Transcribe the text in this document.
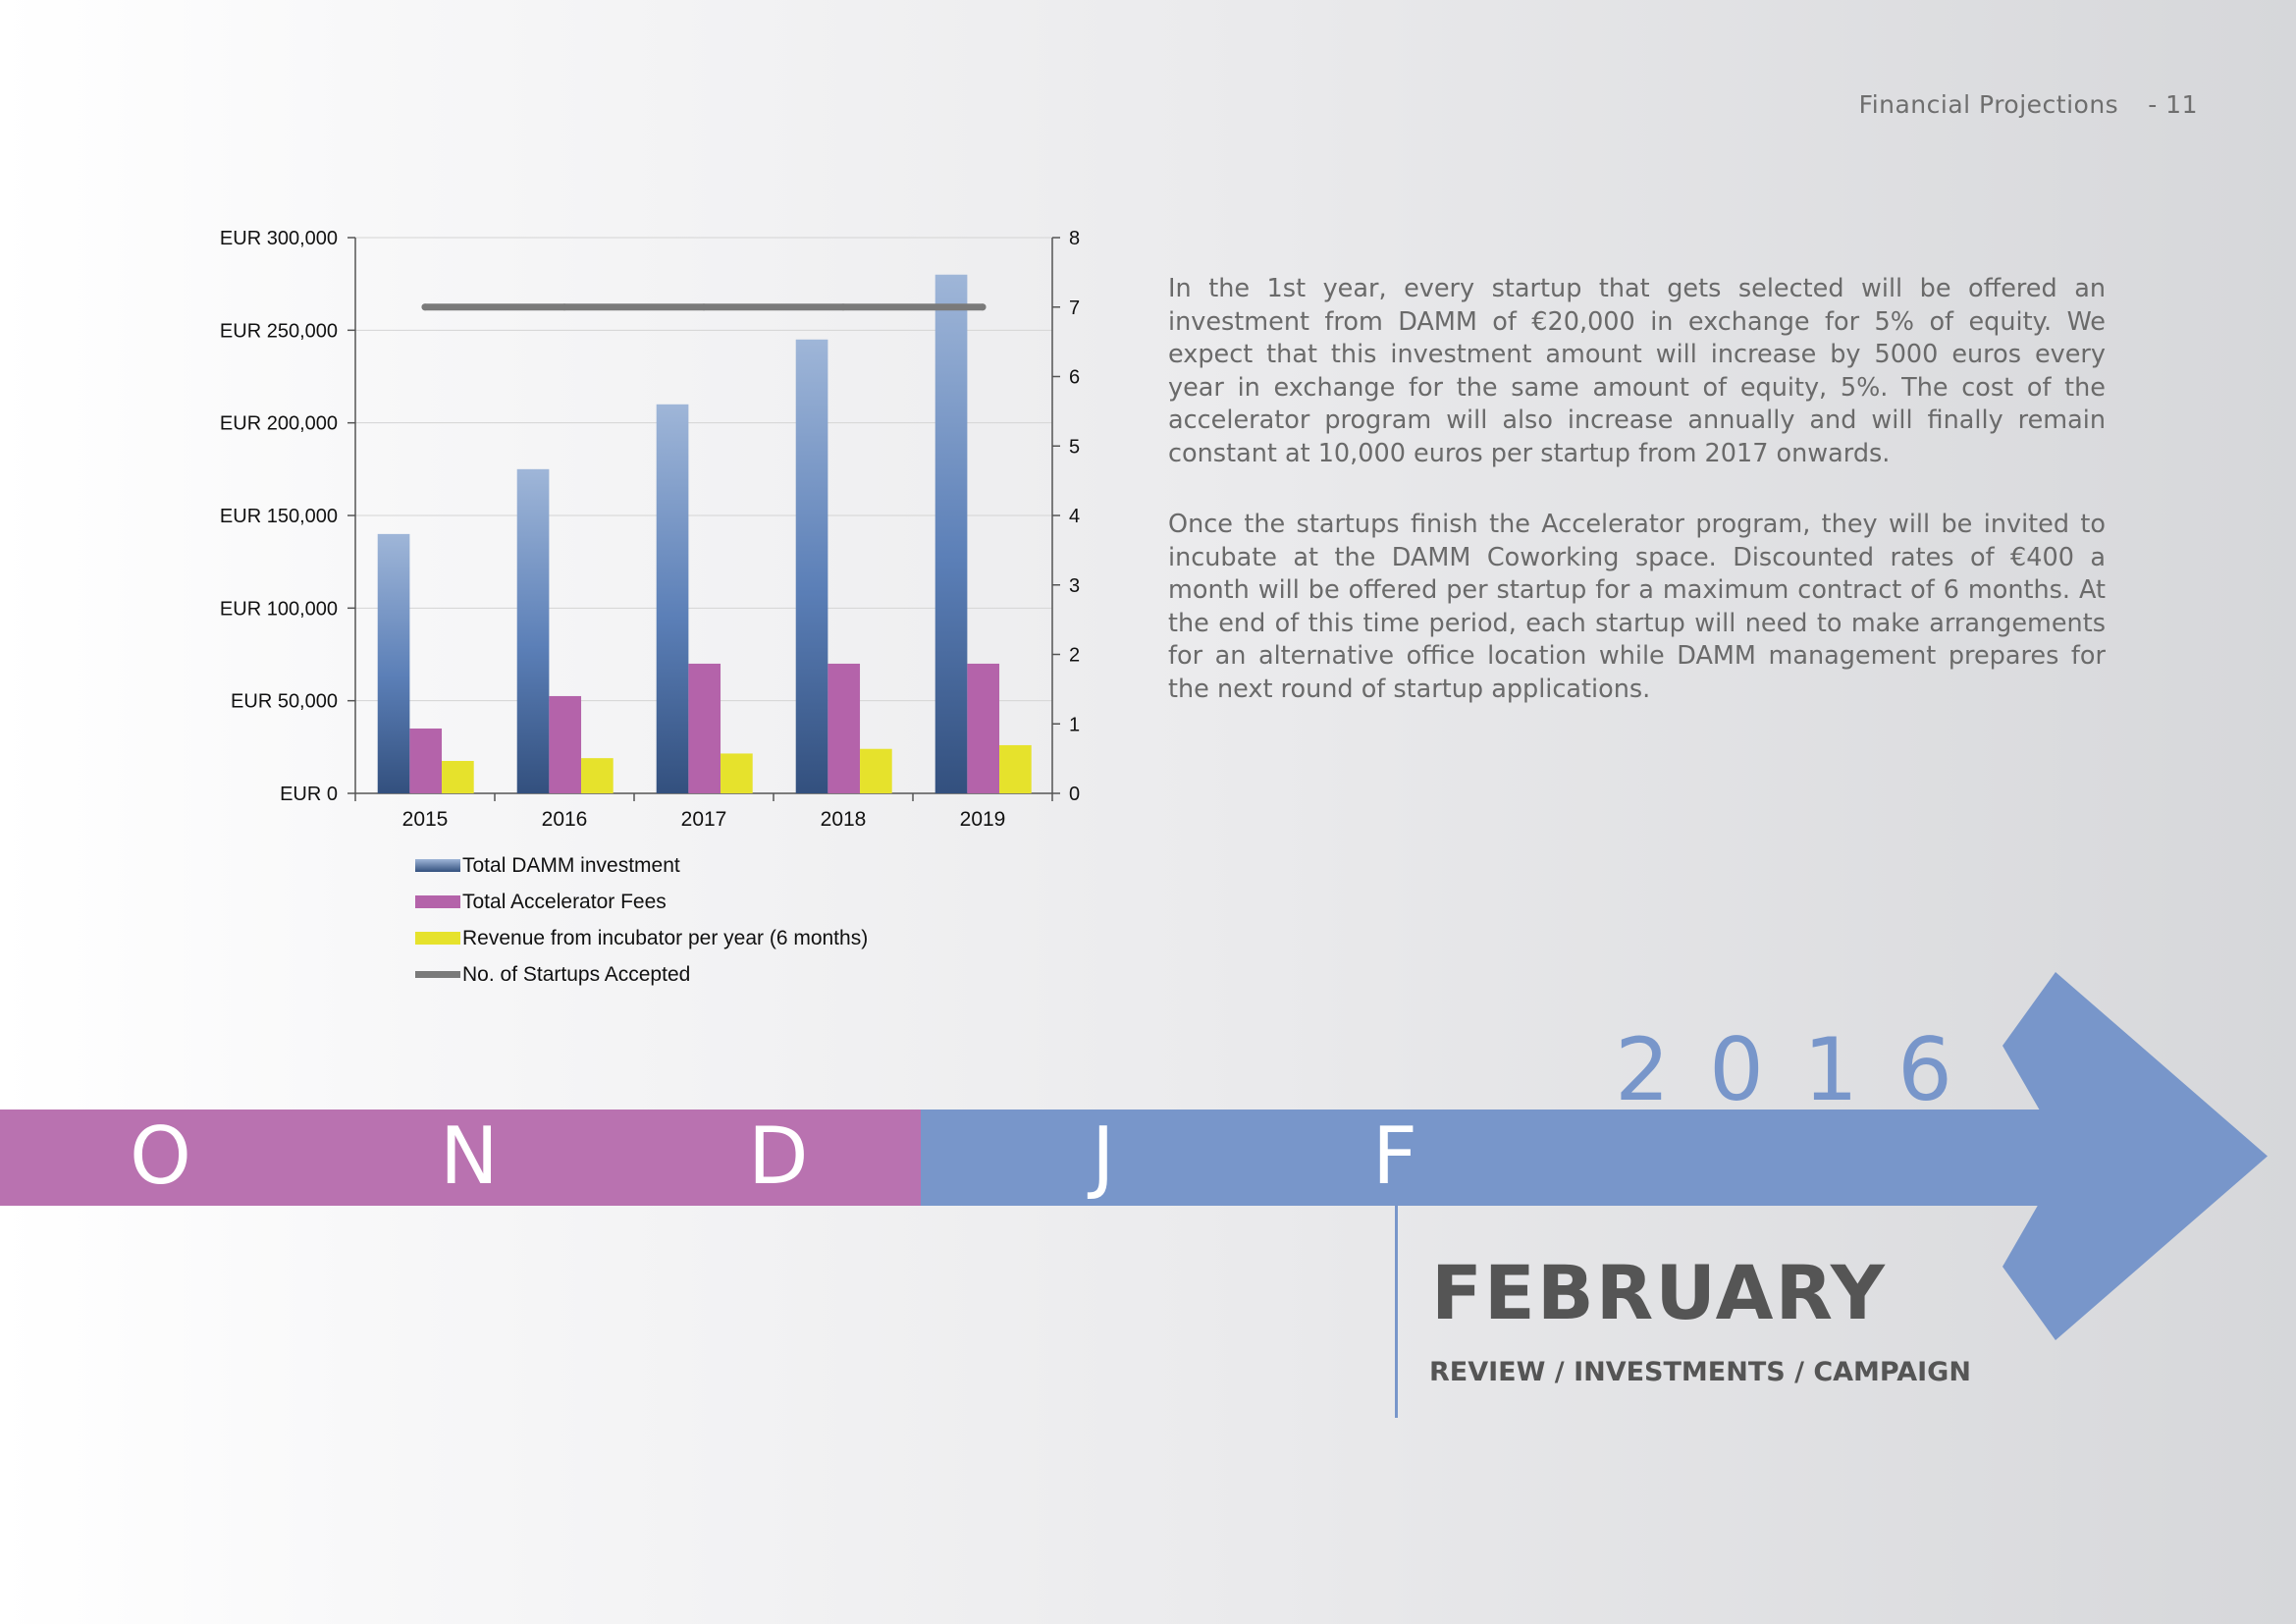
Financial Projections - 11
EUR 0
EUR 50,000
EUR 100,000
EUR 150,000
EUR 200,000
EUR 250,000
EUR 300,000
0
1
2
3
4
5
6
7
8
2015	2016	2017	2018	2019
Total DAMM investment
Total Accelerator Fees
Revenue from incubator per year (6 months)
No. of Startups Accepted

In the 1st year, every startup that gets selected will be offered an investment from DAMM of €20,000 in exchange for 5% of equity. We expect that this investment amount will increase by 5000 euros every year in exchange for the same amount of equity, 5%. The cost of the accelerator program will also increase annually and will finally remain constant at 10,000 euros per startup from 2017 onwards.

Once the startups finish the Accelerator program, they will be invited to incubate at the DAMM Coworking space. Discounted rates of €400 a month will be offered per startup for a maximum contract of 6 months. At the end of this time period, each startup will need to make arrangements for an alternative office location while DAMM management prepares for the next round of startup applications.

2016
O	N	D	J	F
FEBRUARY
REVIEW / INVESTMENTS / CAMPAIGN
